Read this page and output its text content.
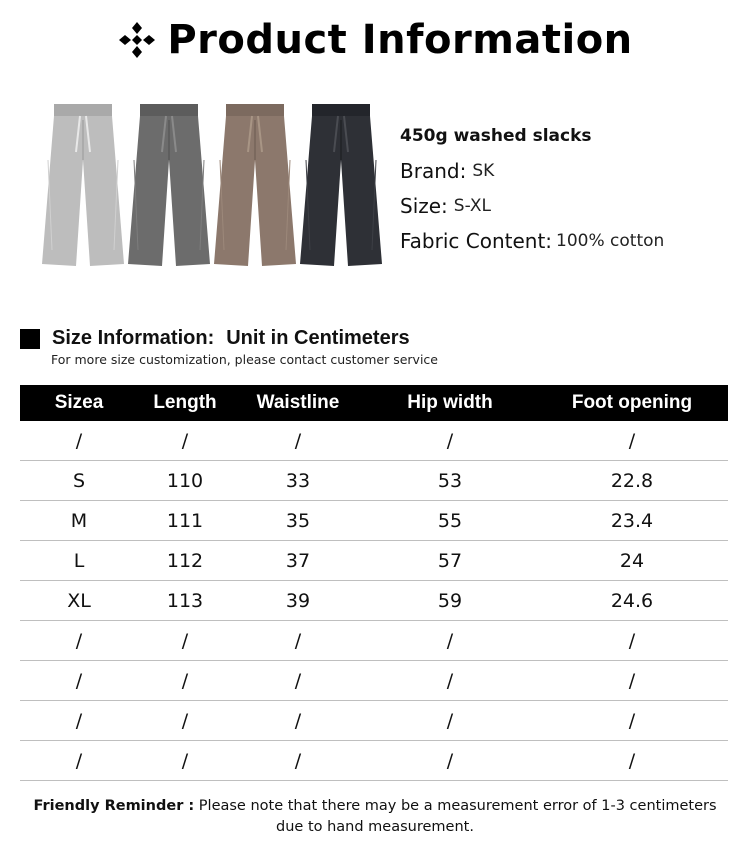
Product Information
450g washed slacks
Brand: SK
Size: S-XL
Fabric Content: 100% cotton
Size Information: Unit in Centimeters
For more size customization, please contact customer service
Sizea	Length	Waistline	Hip width	Foot opening
/	/	/	/	/
S	110	33	53	22.8
M	111	35	55	23.4
L	112	37	57	24
XL	113	39	59	24.6
/	/	/	/	/
/	/	/	/	/
/	/	/	/	/
/	/	/	/	/
Friendly Reminder : Please note that there may be a measurement error of 1-3 centimeters
due to hand measurement.
